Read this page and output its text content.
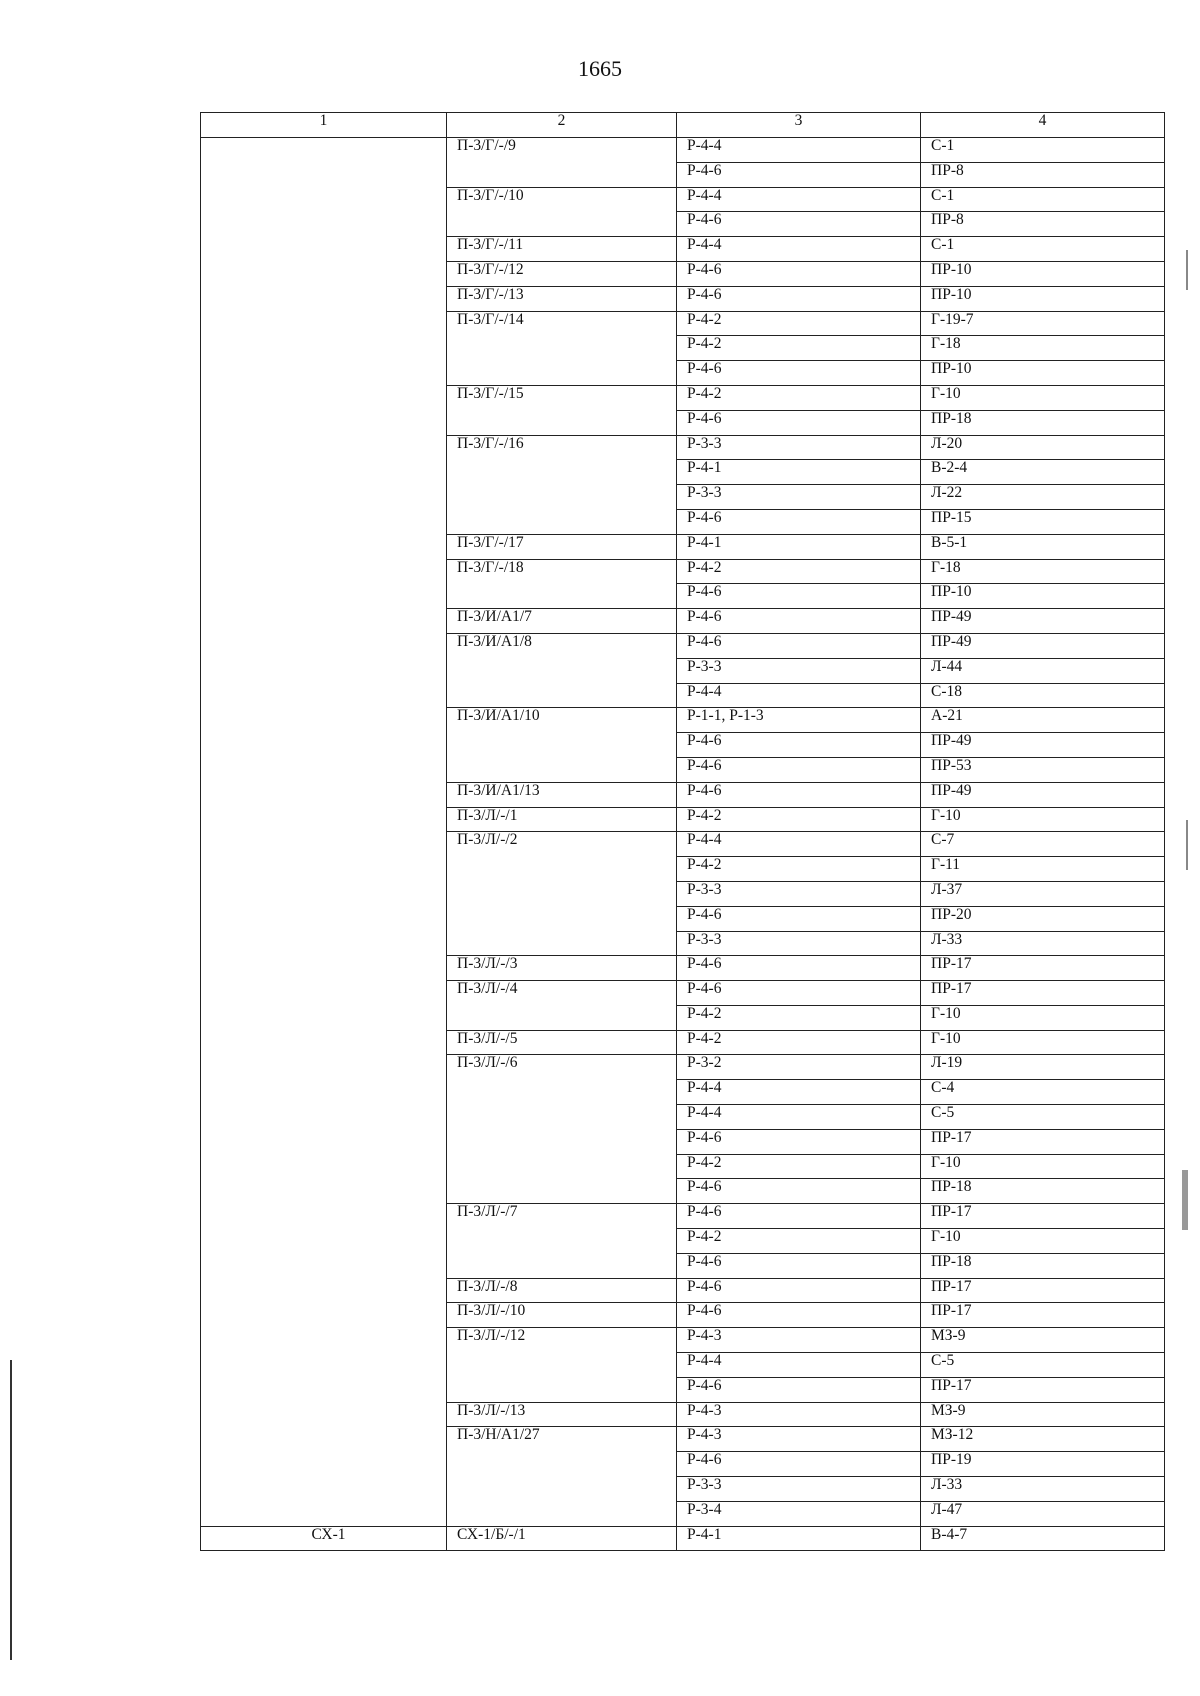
1665
1	2	3	4
	П-3/Г/-/9	Р-4-4	С-1
		Р-4-6	ПР-8
	П-3/Г/-/10	Р-4-4	С-1
		Р-4-6	ПР-8
	П-3/Г/-/11	Р-4-4	С-1
	П-3/Г/-/12	Р-4-6	ПР-10
	П-3/Г/-/13	Р-4-6	ПР-10
	П-3/Г/-/14	Р-4-2	Г-19-7
		Р-4-2	Г-18
		Р-4-6	ПР-10
	П-3/Г/-/15	Р-4-2	Г-10
		Р-4-6	ПР-18
	П-3/Г/-/16	Р-3-3	Л-20
		Р-4-1	В-2-4
		Р-3-3	Л-22
		Р-4-6	ПР-15
	П-3/Г/-/17	Р-4-1	В-5-1
	П-3/Г/-/18	Р-4-2	Г-18
		Р-4-6	ПР-10
	П-3/И/А1/7	Р-4-6	ПР-49
	П-3/И/А1/8	Р-4-6	ПР-49
		Р-3-3	Л-44
		Р-4-4	С-18
	П-3/И/А1/10	Р-1-1, Р-1-3	А-21
		Р-4-6	ПР-49
		Р-4-6	ПР-53
	П-3/И/А1/13	Р-4-6	ПР-49
	П-3/Л/-/1	Р-4-2	Г-10
	П-3/Л/-/2	Р-4-4	С-7
		Р-4-2	Г-11
		Р-3-3	Л-37
		Р-4-6	ПР-20
		Р-3-3	Л-33
	П-3/Л/-/3	Р-4-6	ПР-17
	П-3/Л/-/4	Р-4-6	ПР-17
		Р-4-2	Г-10
	П-3/Л/-/5	Р-4-2	Г-10
	П-3/Л/-/6	Р-3-2	Л-19
		Р-4-4	С-4
		Р-4-4	С-5
		Р-4-6	ПР-17
		Р-4-2	Г-10
		Р-4-6	ПР-18
	П-3/Л/-/7	Р-4-6	ПР-17
		Р-4-2	Г-10
		Р-4-6	ПР-18
	П-3/Л/-/8	Р-4-6	ПР-17
	П-3/Л/-/10	Р-4-6	ПР-17
	П-3/Л/-/12	Р-4-3	МЗ-9
		Р-4-4	С-5
		Р-4-6	ПР-17
	П-3/Л/-/13	Р-4-3	МЗ-9
	П-3/Н/А1/27	Р-4-3	МЗ-12
		Р-4-6	ПР-19
		Р-3-3	Л-33
		Р-3-4	Л-47
СХ-1	СХ-1/Б/-/1	Р-4-1	В-4-7
